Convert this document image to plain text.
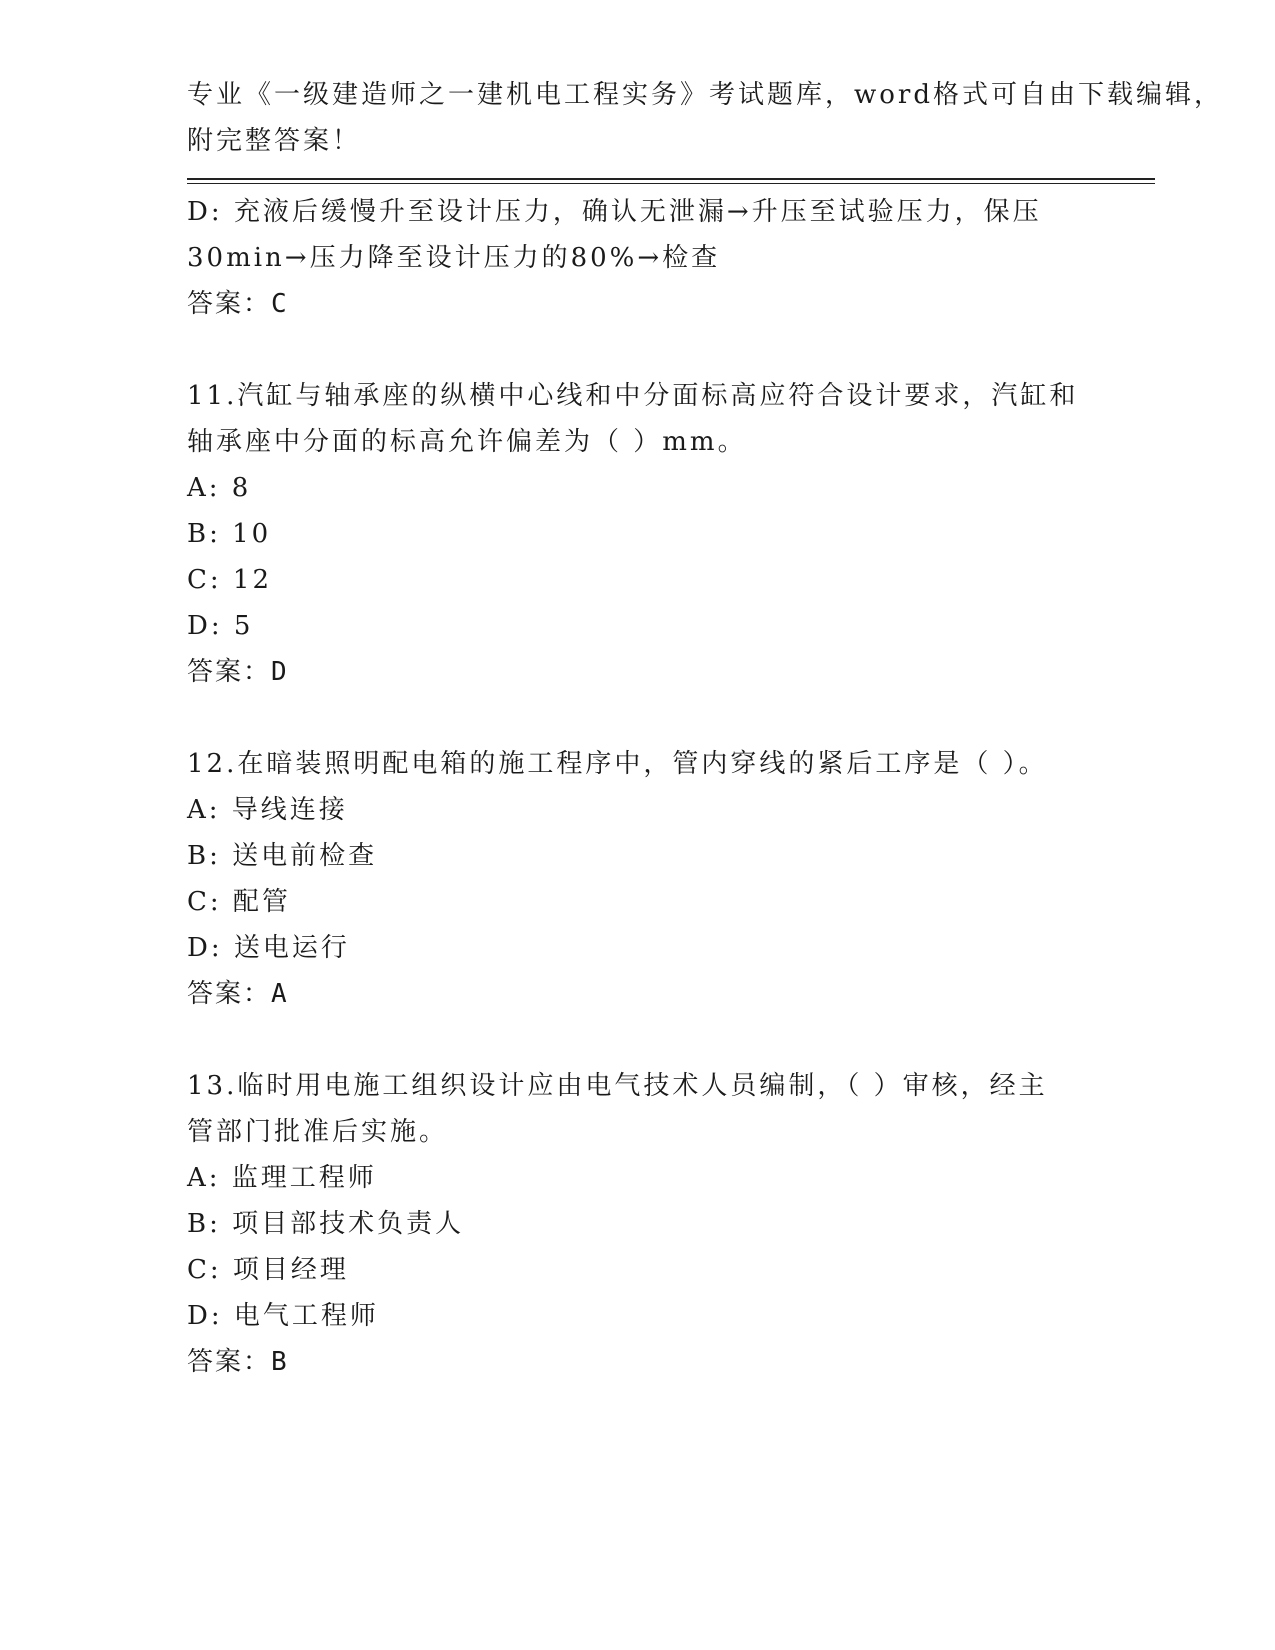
专业《一级建造师之一建机电工程实务》考试题库，word格式可自由下载编辑，
附完整答案！
D: 充液后缓慢升至设计压力，确认无泄漏→升压至试验压力，保压
30min→压力降至设计压力的80%→检查
答案：C
11.汽缸与轴承座的纵横中心线和中分面标高应符合设计要求，汽缸和
轴承座中分面的标高允许偏差为（ ）mm。
A: 8
B: 10
C: 12
D: 5
答案：D
12.在暗装照明配电箱的施工程序中，管内穿线的紧后工序是（ ）。
A: 导线连接
B: 送电前检查
C: 配管
D: 送电运行
答案：A
13.临时用电施工组织设计应由电气技术人员编制，（ ）审核，经主
管部门批准后实施。
A: 监理工程师
B: 项目部技术负责人
C: 项目经理
D: 电气工程师
答案：B
